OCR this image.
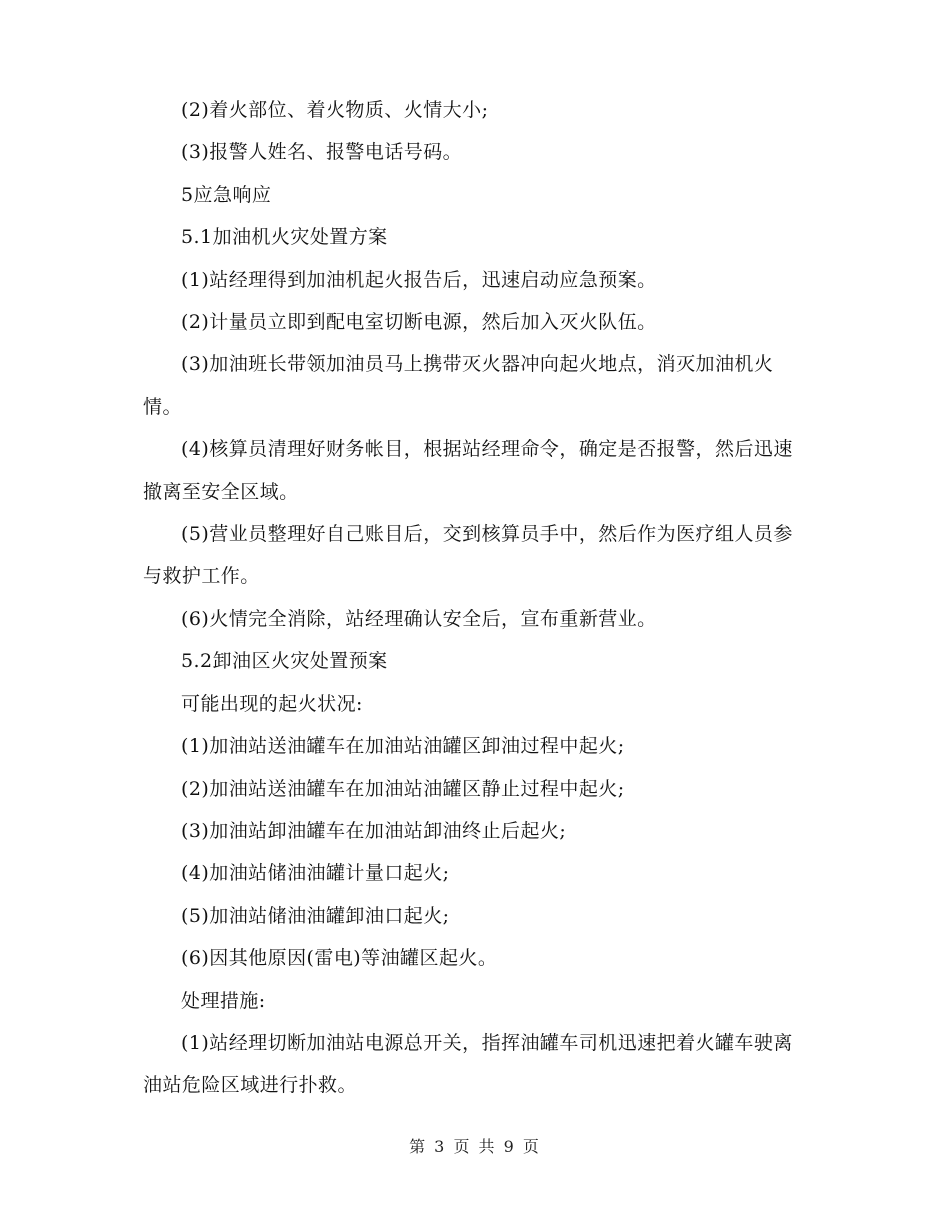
(2)着火部位、着火物质、火情大小;

(3)报警人姓名、报警电话号码。

5应急响应

5.1加油机火灾处置方案

(1)站经理得到加油机起火报告后，迅速启动应急预案。

(2)计量员立即到配电室切断电源，然后加入灭火队伍。

(3)加油班长带领加油员马上携带灭火器冲向起火地点，消灭加油机火情。

(4)核算员清理好财务帐目，根据站经理命令，确定是否报警，然后迅速撤离至安全区域。

(5)营业员整理好自己账目后，交到核算员手中，然后作为医疗组人员参与救护工作。

(6)火情完全消除，站经理确认安全后，宣布重新营业。

5.2卸油区火灾处置预案

可能出现的起火状况:

(1)加油站送油罐车在加油站油罐区卸油过程中起火;

(2)加油站送油罐车在加油站油罐区静止过程中起火;

(3)加油站卸油罐车在加油站卸油终止后起火;

(4)加油站储油油罐计量口起火;

(5)加油站储油油罐卸油口起火;

(6)因其他原因(雷电)等油罐区起火。

处理措施:

(1)站经理切断加油站电源总开关，指挥油罐车司机迅速把着火罐车驶离油站危险区域进行扑救。

第 3 页 共 9 页
